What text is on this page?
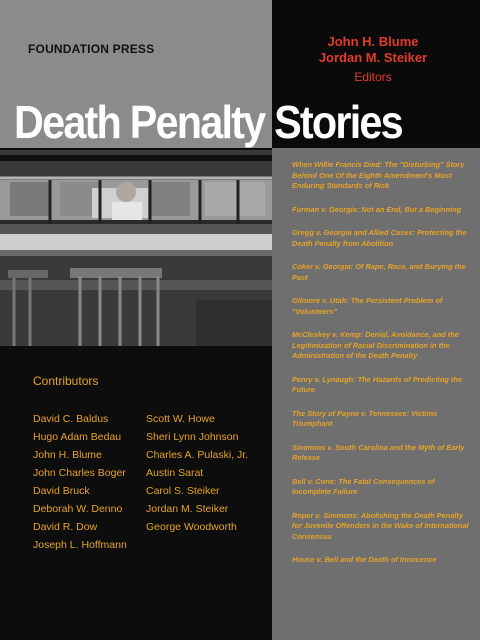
FOUNDATION PRESS	John H. Blume
Jordan M. Steiker
Editors
Death Penalty Stories
When Willie Francis Died: The "Disturbing" Story Behind One Of the Eighth Amendment's Most Enduring Standards of Risk
Furman v. Georgia: Not an End, But a Beginning
Gregg v. Georgia and Allied Cases: Protecting the Death Penalty from Abolition
Coker v. Georgia: Of Rape, Race, and Burying the Past
Gilmore v. Utah: The Persistent Problem of "Volunteers"
McCleskey v. Kemp: Denial, Avoidance, and the Legitimization of Racial Discrimination in the Administration of the Death Penalty
Penry v. Lynaugh: The Hazards of Predicting the Future
The Story of Payne v. Tennessee: Victims Triumphant
Simmons v. South Carolina and the Myth of Early Release
Bell v. Cone: The Fatal Consequences of Incomplete Failure
Roper v. Simmons: Abolishing the Death Penalty for Juvenile Offenders in the Wake of International Consensus
House v. Bell and the Death of Innocence
Contributors
David C. Baldus
Hugo Adam Bedau
John H. Blume
John Charles Boger
David Bruck
Deborah W. Denno
David R. Dow
Joseph L. Hoffmann
Scott W. Howe
Sheri Lynn Johnson
Charles A. Pulaski, Jr.
Austin Sarat
Carol S. Steiker
Jordan M. Steiker
George Woodworth
